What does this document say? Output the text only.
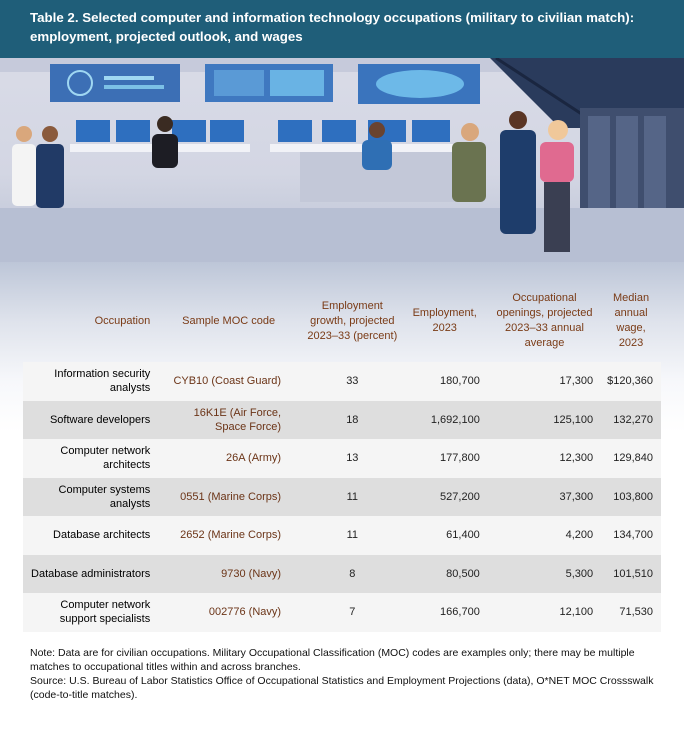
Table 2. Selected computer and information technology occupations (military to civilian match): employment, projected outlook, and wages
Occupation	Sample MOC code	Employment growth, projected 2023–33 (percent)	Employment, 2023	Occupational openings, projected 2023–33 annual average	Median annual wage, 2023
Information security analysts	CYB10 (Coast Guard)	33	180,700	17,300	$120,360
Software developers	16K1E (Air Force, Space Force)	18	1,692,100	125,100	132,270
Computer network architects	26A (Army)	13	177,800	12,300	129,840
Computer systems analysts	0551 (Marine Corps)	11	527,200	37,300	103,800
Database architects	2652 (Marine Corps)	11	61,400	4,200	134,700
Database administrators	9730 (Navy)	8	80,500	5,300	101,510
Computer network support specialists	002776 (Navy)	7	166,700	12,100	71,530

Note: Data are for civilian occupations. Military Occupational Classification (MOC) codes are examples only; there may be multiple matches to occupational titles within and across branches.

Source: U.S. Bureau of Labor Statistics Office of Occupational Statistics and Employment Projections (data), O*NET MOC Crossswalk (code-to-title matches).
